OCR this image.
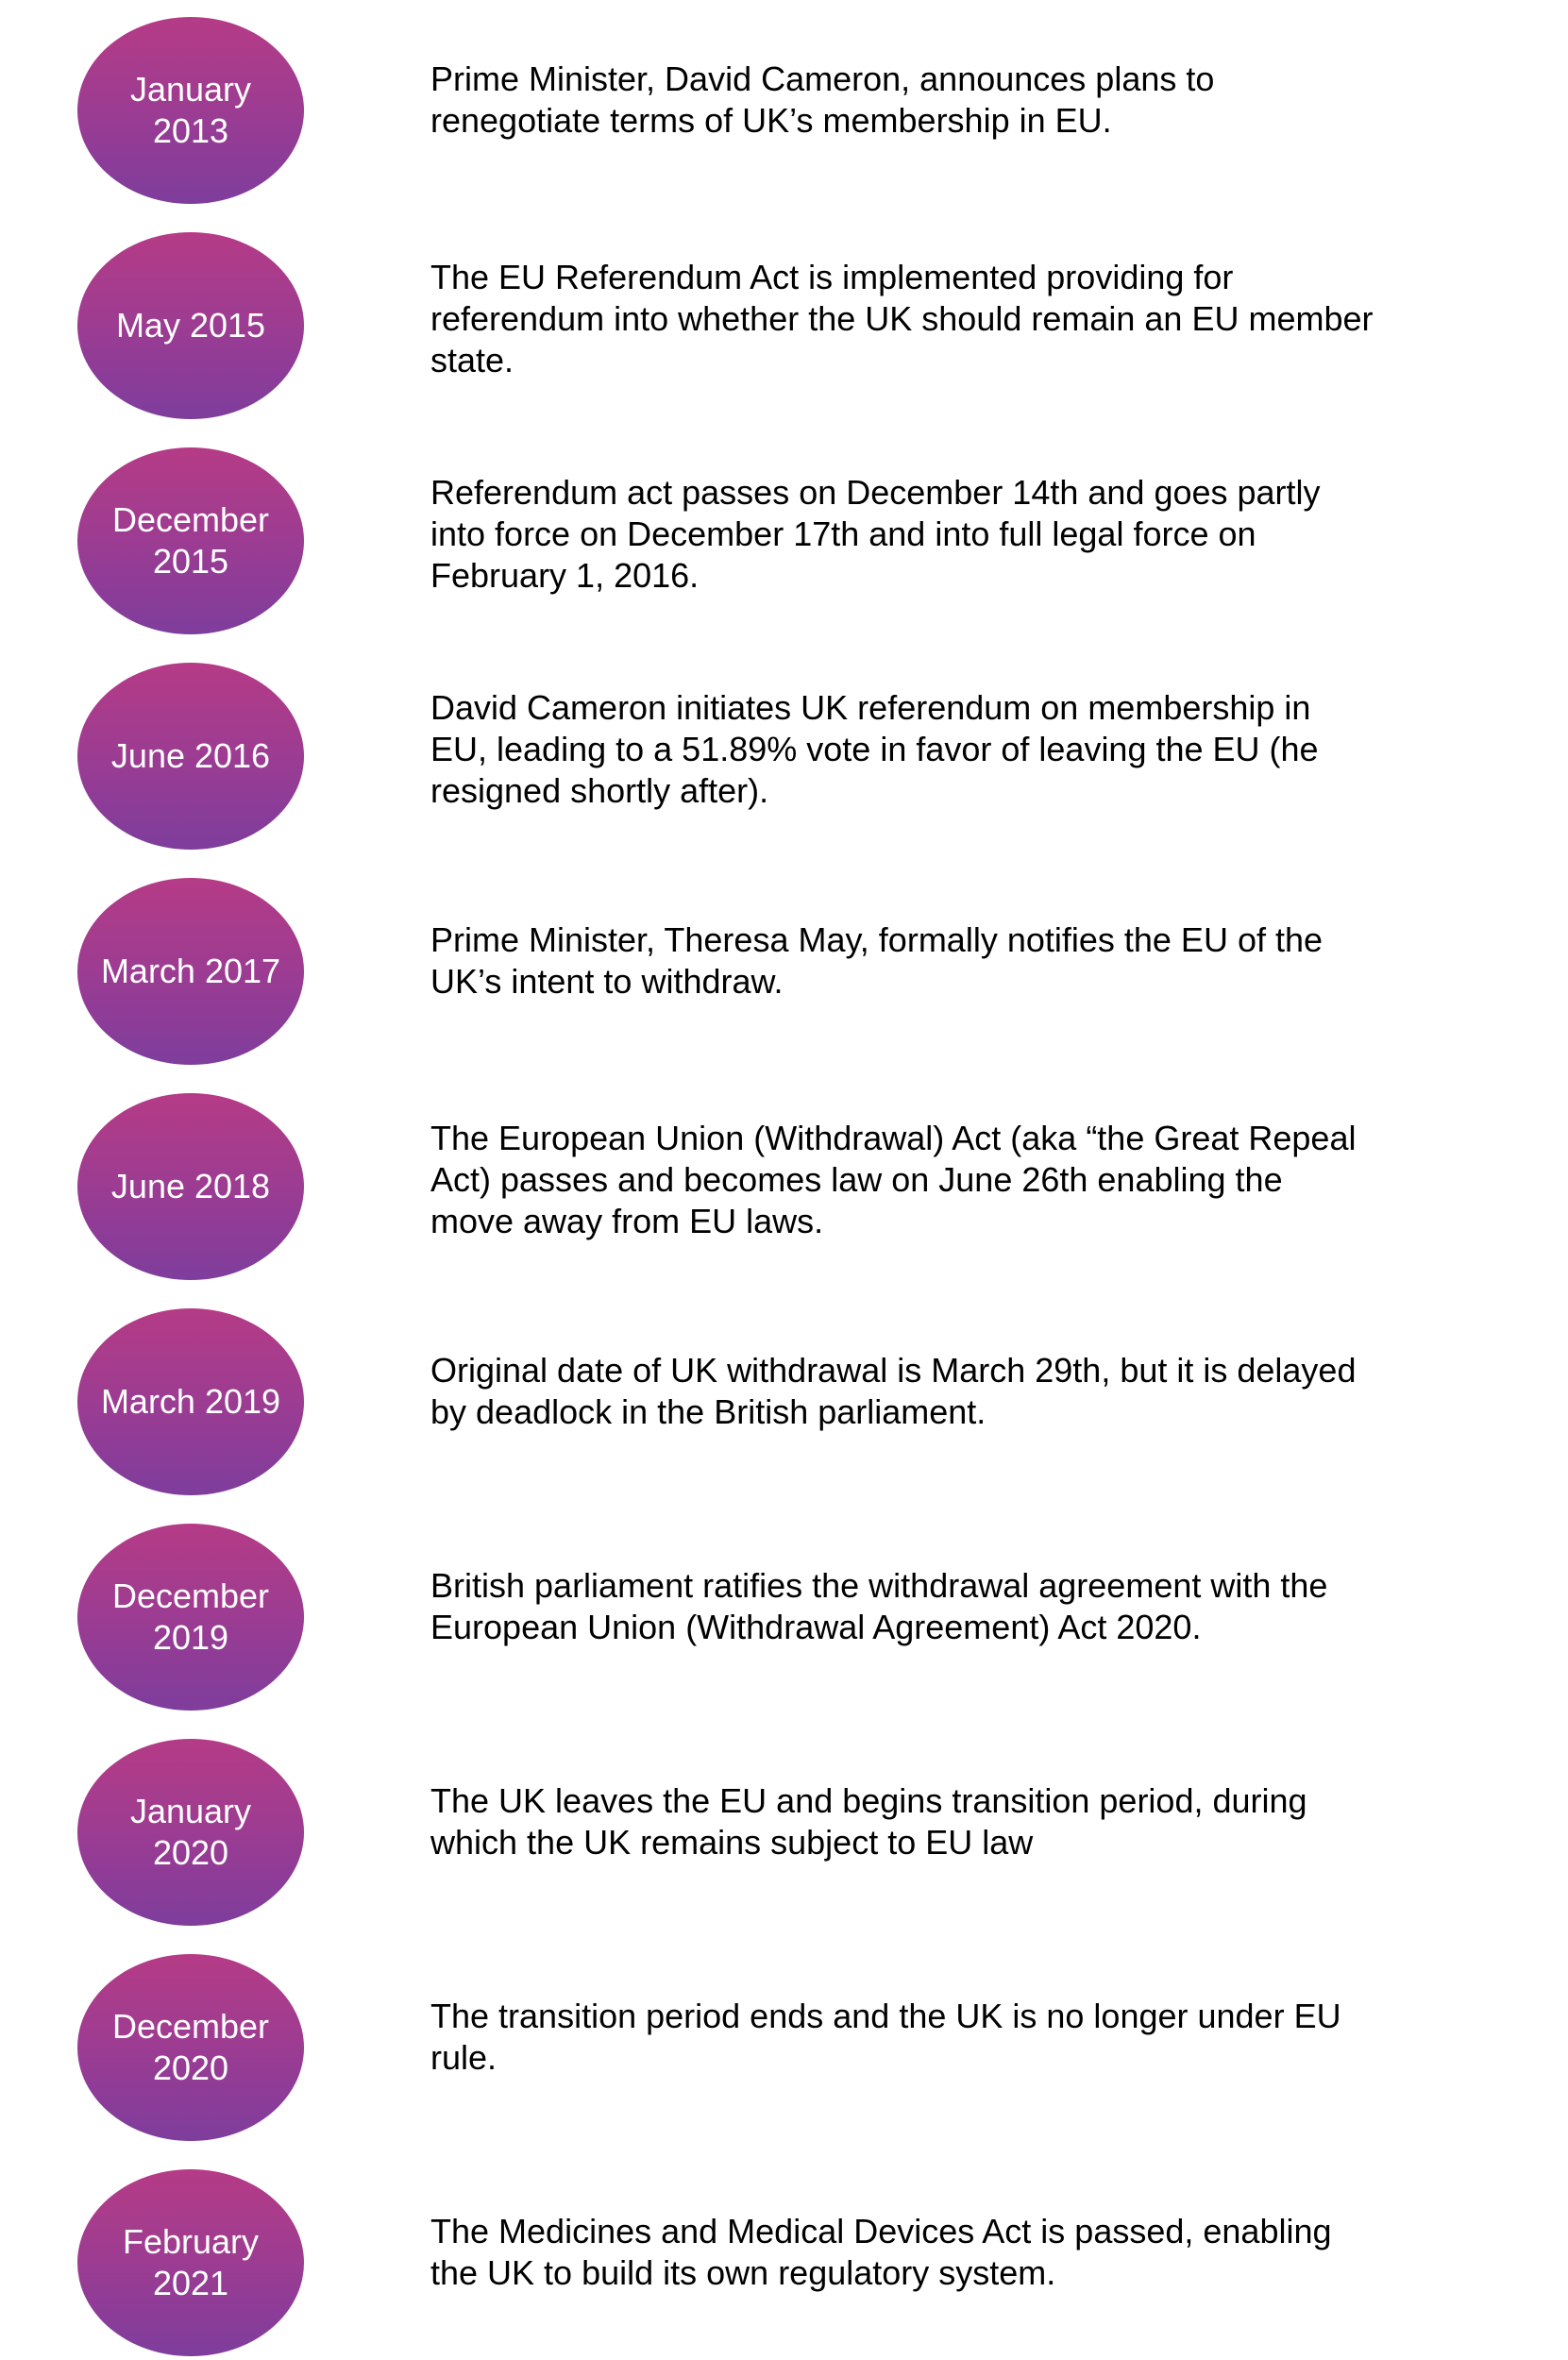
January 2013

Prime Minister, David Cameron, announces plans to renegotiate terms of UK’s membership in EU.

May 2015

The EU Referendum Act is implemented providing for referendum into whether the UK should remain an EU member state.

December 2015

Referendum act passes on December 14th and goes partly into force on December 17th and into full legal force on February 1, 2016.

June 2016

David Cameron initiates UK referendum on membership in EU, leading to a 51.89% vote in favor of leaving the EU (he resigned shortly after).

March 2017

Prime Minister, Theresa May, formally notifies the EU of the UK’s intent to withdraw.

June 2018

The European Union (Withdrawal) Act (aka “the Great Repeal Act) passes and becomes law on June 26th enabling the move away from EU laws.

March 2019

Original date of UK withdrawal is March 29th, but it is delayed by deadlock in the British parliament.

December 2019

British parliament ratifies the withdrawal agreement with the European Union (Withdrawal Agreement) Act 2020.

January 2020

The UK leaves the EU and begins transition period, during which the UK remains subject to EU law

December 2020

The transition period ends and the UK is no longer under EU rule.

February 2021

The Medicines and Medical Devices Act is passed, enabling the UK to build its own regulatory system.
